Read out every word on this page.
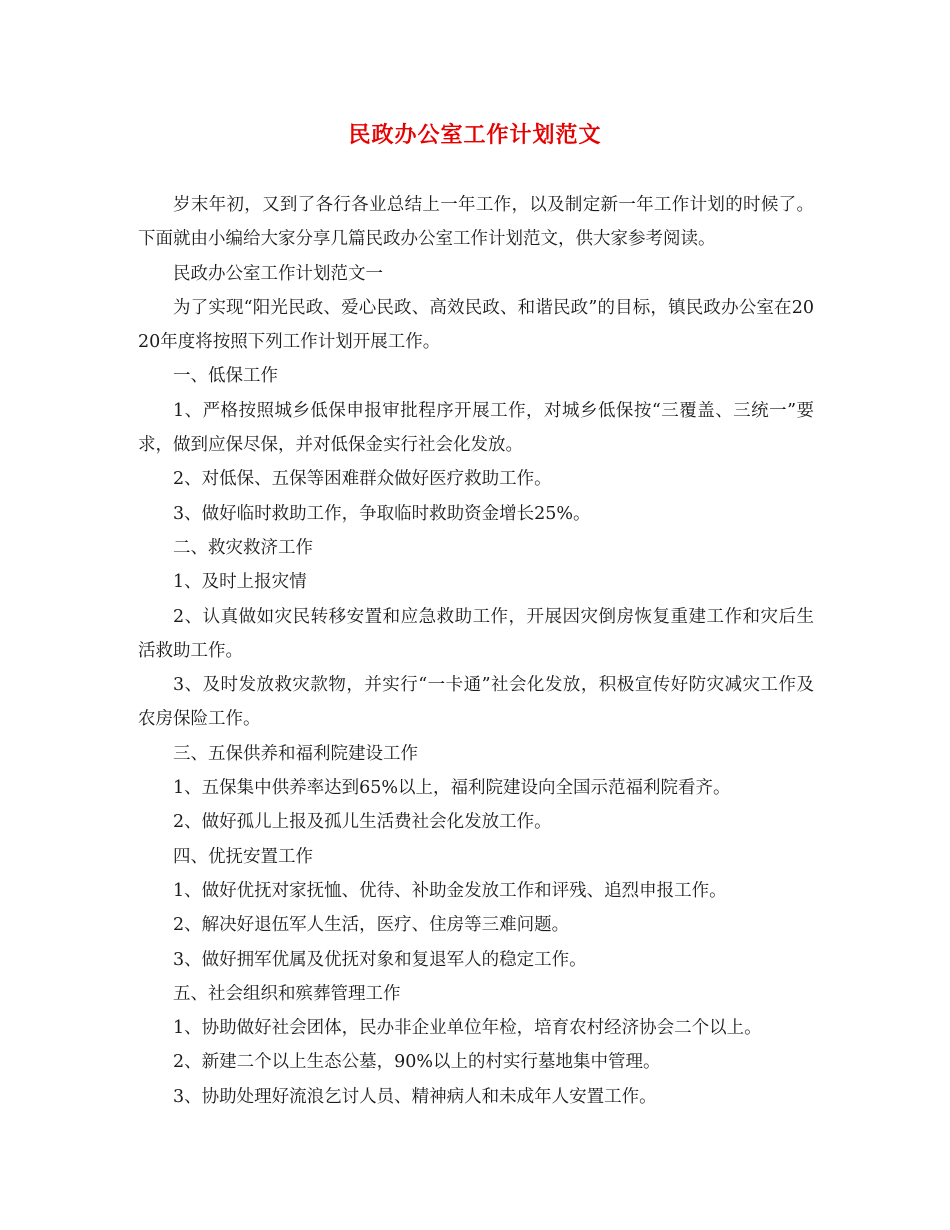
民政办公室工作计划范文

岁末年初，又到了各行各业总结上一年工作，以及制定新一年工作计划的时候了。下面就由小编给大家分享几篇民政办公室工作计划范文，供大家参考阅读。

民政办公室工作计划范文一

为了实现“阳光民政、爱心民政、高效民政、和谐民政”的目标，镇民政办公室在2020年度将按照下列工作计划开展工作。

一、低保工作

1、严格按照城乡低保申报审批程序开展工作，对城乡低保按“三覆盖、三统一”要求，做到应保尽保，并对低保金实行社会化发放。

2、对低保、五保等困难群众做好医疗救助工作。

3、做好临时救助工作，争取临时救助资金增长25%。

二、救灾救济工作

1、及时上报灾情

2、认真做如灾民转移安置和应急救助工作，开展因灾倒房恢复重建工作和灾后生活救助工作。

3、及时发放救灾款物，并实行“一卡通”社会化发放，积极宣传好防灾减灾工作及农房保险工作。

三、五保供养和福利院建设工作

1、五保集中供养率达到65%以上，福利院建设向全国示范福利院看齐。

2、做好孤儿上报及孤儿生活费社会化发放工作。

四、优抚安置工作

1、做好优抚对家抚恤、优待、补助金发放工作和评残、追烈申报工作。

2、解决好退伍军人生活，医疗、住房等三难问题。

3、做好拥军优属及优抚对象和复退军人的稳定工作。

五、社会组织和殡葬管理工作

1、协助做好社会团体，民办非企业单位年检，培育农村经济协会二个以上。

2、新建二个以上生态公墓，90%以上的村实行墓地集中管理。

3、协助处理好流浪乞讨人员、精神病人和未成年人安置工作。
